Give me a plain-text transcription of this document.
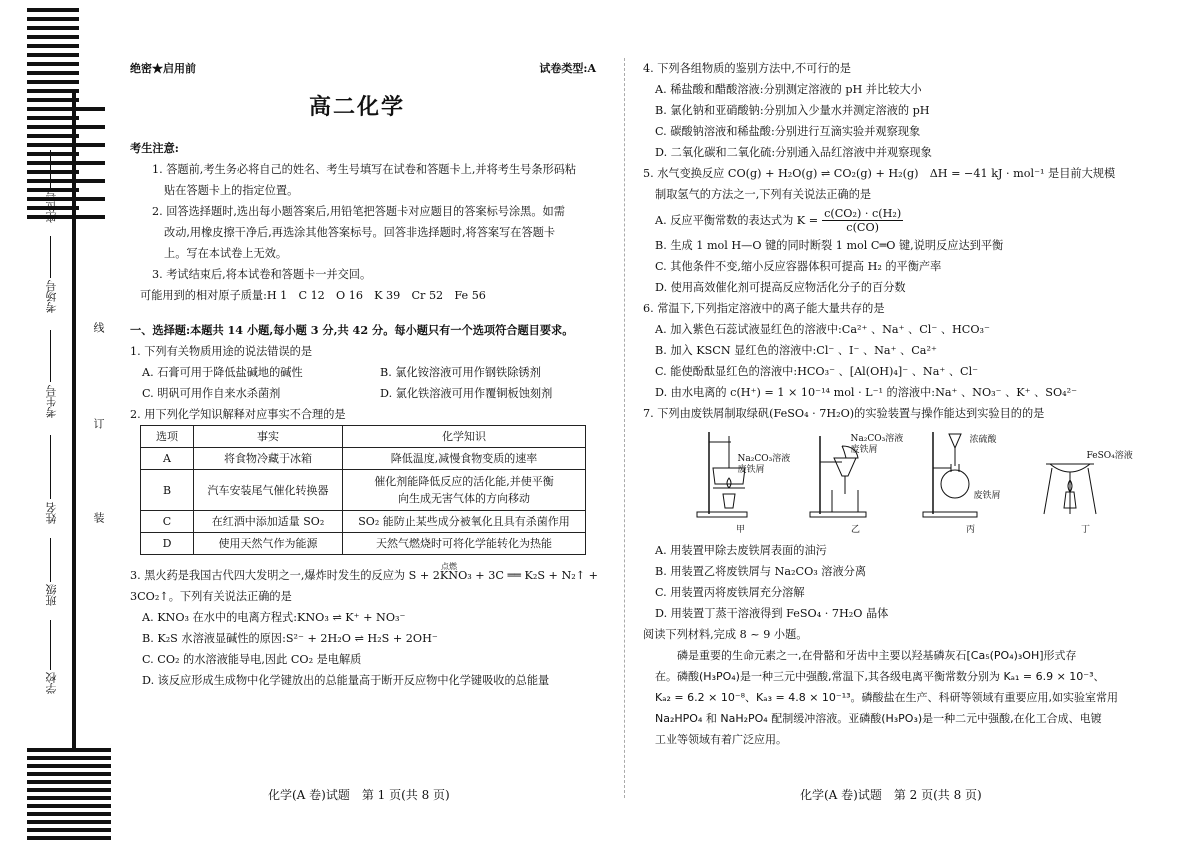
座位号
考场号
考生号
姓名
班级
学校
线
订
装
绝密★启用前	试卷类型:A
高二化学
考生注意:
1. 答题前,考生务必将自己的姓名、考生号填写在试卷和答题卡上,并将考生号条形码粘
贴在答题卡上的指定位置。
2. 回答选择题时,选出每小题答案后,用铅笔把答题卡对应题目的答案标号涂黑。如需
改动,用橡皮擦干净后,再选涂其他答案标号。回答非选择题时,将答案写在答题卡
上。写在本试卷上无效。
3. 考试结束后,将本试卷和答题卡一并交回。
可能用到的相对原子质量:H 1　C 12　O 16　K 39　Cr 52　Fe 56
一、选择题:本题共 14 小题,每小题 3 分,共 42 分。每小题只有一个选项符合题目要求。
1. 下列有关物质用途的说法错误的是
A. 石膏可用于降低盐碱地的碱性	B. 氯化铵溶液可用作钢铁除锈剂
C. 明矾可用作自来水杀菌剂	D. 氯化铁溶液可用作覆铜板蚀刻剂
2. 用下列化学知识解释对应事实不合理的是
选项	事实	化学知识
A	将食物冷藏于冰箱	降低温度,减慢食物变质的速率
B	汽车安装尾气催化转换器	催化剂能降低反应的活化能,并使平衡向生成无害气体的方向移动
C	在红酒中添加适量 SO₂	SO₂ 能防止某些成分被氧化且具有杀菌作用
D	使用天然气作为能源	天然气燃烧时可将化学能转化为热能
3. 黑火药是我国古代四大发明之一,爆炸时发生的反应为 S + 2KNO₃ + 3C ══ K₂S + N₂↑ +
点燃
3CO₂↑。下列有关说法正确的是
A. KNO₃ 在水中的电离方程式:KNO₃ ⇌ K⁺ + NO₃⁻
B. K₂S 水溶液显碱性的原因:S²⁻ + 2H₂O ⇌ H₂S + 2OH⁻
C. CO₂ 的水溶液能导电,因此 CO₂ 是电解质
D. 该反应形成生成物中化学键放出的总能量高于断开反应物中化学键吸收的总能量
化学(A 卷)试题　第 1 页(共 8 页)
4. 下列各组物质的鉴别方法中,不可行的是
A. 稀盐酸和醋酸溶液:分别测定溶液的 pH 并比较大小
B. 氯化钠和亚硝酸钠:分别加入少量水并测定溶液的 pH
C. 碳酸钠溶液和稀盐酸:分别进行互滴实验并观察现象
D. 二氧化碳和二氧化硫:分别通入品红溶液中并观察现象
5. 水气变换反应 CO(g) + H₂O(g) ⇌ CO₂(g) + H₂(g)　ΔH = −41 kJ · mol⁻¹ 是目前大规模
制取氢气的方法之一,下列有关说法正确的是
A. 反应平衡常数的表达式为 $K = \frac{\text{c(CO₂) · c(H₂)}}{c(CO)}$
B. 生成 1 mol H—O 键的同时断裂 1 mol C═O 键,说明反应达到平衡
C. 其他条件不变,缩小反应容器体积可提高 H₂ 的平衡产率
D. 使用高效催化剂可提高反应物活化分子的百分数
6. 常温下,下列指定溶液中的离子能大量共存的是
A. 加入紫色石蕊试液显红色的溶液中:Ca²⁺ 、Na⁺ 、Cl⁻ 、HCO₃⁻
B. 加入 KSCN 显红色的溶液中:Cl⁻ 、I⁻ 、Na⁺ 、Ca²⁺
C. 能使酚酞显红色的溶液中:HCO₃⁻ 、[Al(OH)₄]⁻ 、Na⁺ 、Cl⁻
D. 由水电离的 c(H⁺) = 1 × 10⁻¹⁴ mol · L⁻¹ 的溶液中:Na⁺ 、NO₃⁻ 、K⁺ 、SO₄²⁻
7. 下列由废铁屑制取绿矾(FeSO₄ · 7H₂O)的实验装置与操作能达到实验目的的是
Na₂CO₃溶液
废铁屑
甲
Na₂CO₃溶液
废铁屑
乙
浓硫酸
废铁屑
丙
FeSO₄溶液
丁
A. 用装置甲除去废铁屑表面的油污
B. 用装置乙将废铁屑与 Na₂CO₃ 溶液分离
C. 用装置丙将废铁屑充分溶解
D. 用装置丁蒸干溶液得到 FeSO₄ · 7H₂O 晶体
阅读下列材料,完成 8 ~ 9 小题。
磷是重要的生命元素之一,在骨骼和牙齿中主要以羟基磷灰石[Ca₅(PO₄)₃OH]形式存
在。磷酸(H₃PO₄)是一种三元中强酸,常温下,其各级电离平衡常数分别为 Kₐ₁ = 6.9 × 10⁻³、
Kₐ₂ = 6.2 × 10⁻⁸、Kₐ₃ = 4.8 × 10⁻¹³。磷酸盐在生产、科研等领域有重要应用,如实验室常用
Na₂HPO₄ 和 NaH₂PO₄ 配制缓冲溶液。亚磷酸(H₃PO₃)是一种二元中强酸,在化工合成、电镀
工业等领域有着广泛应用。
化学(A 卷)试题　第 2 页(共 8 页)
